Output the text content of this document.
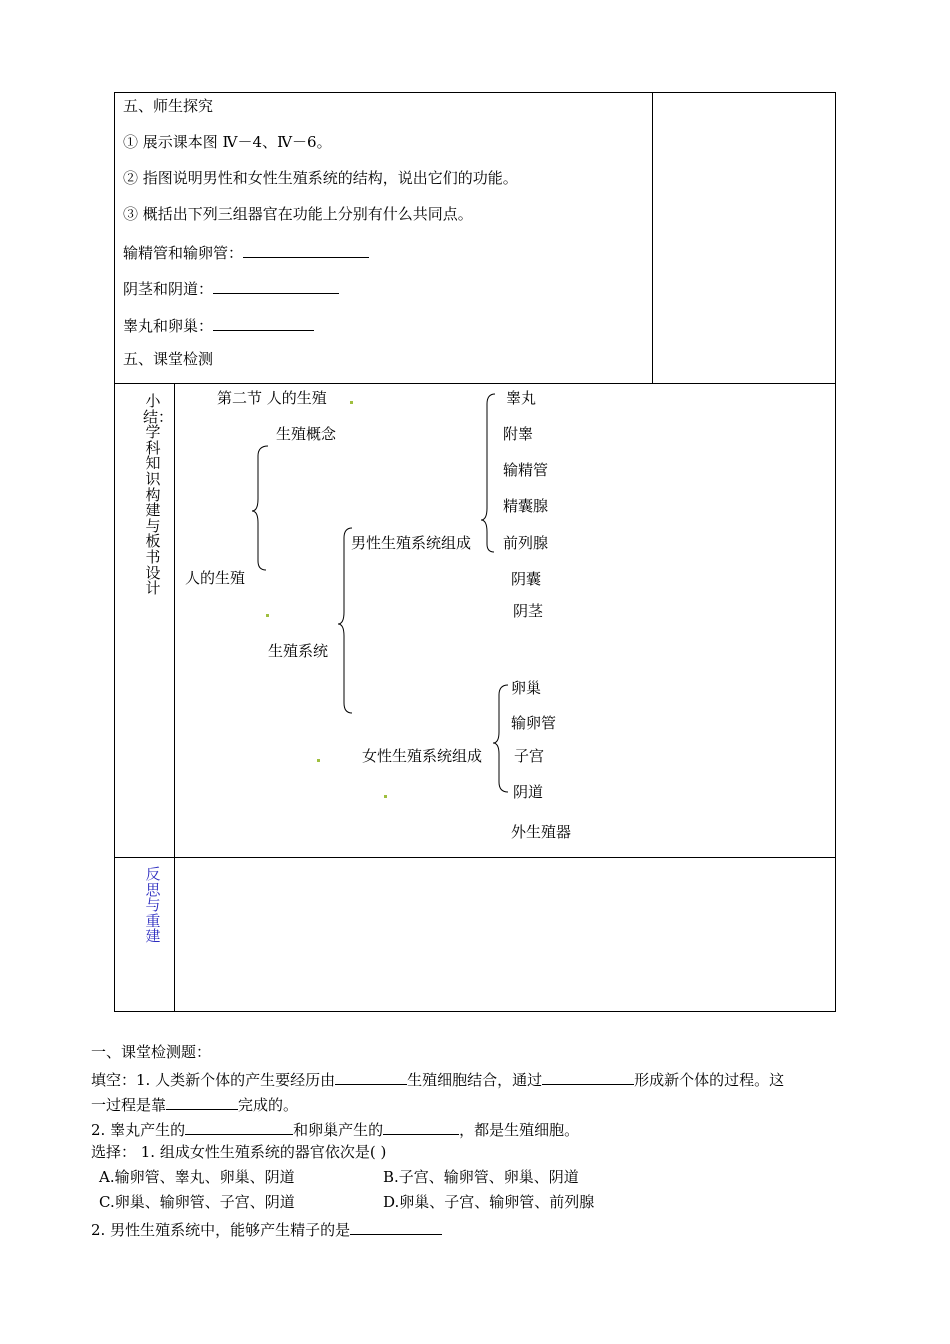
五、师生探究
① 展示课本图 Ⅳ－4、Ⅳ－6。
② 指图说明男性和女性生殖系统的结构，说出它们的功能。
③ 概括出下列三组器官在功能上分别有什么共同点。
输精管和输卵管：
阴茎和阴道：
睾丸和卵巢：
五、课堂检测
小结：学科知识构建与板书设计
第二节 人的生殖
生殖概念
人的生殖
生殖系统
男性生殖系统组成
女性生殖系统组成
睾丸
附睾
输精管
精囊腺
前列腺
阴囊
阴茎
卵巢
输卵管
子宫
阴道
外生殖器
反思与重建
一、课堂检测题：
填空：1. 人类新个体的产生要经历由	生殖细胞结合，通过	形成新个体的过程。这
一过程是靠	完成的。
2. 睾丸产生的	和卵巢产生的	，都是生殖细胞。
选择： 1. 组成女性生殖系统的器官依次是( )
A.输卵管、睾丸、卵巢、阴道	B.子宫、输卵管、卵巢、阴道
C.卵巢、输卵管、子宫、阴道	D.卵巢、子宫、输卵管、前列腺
2. 男性生殖系统中，能够产生精子的是
